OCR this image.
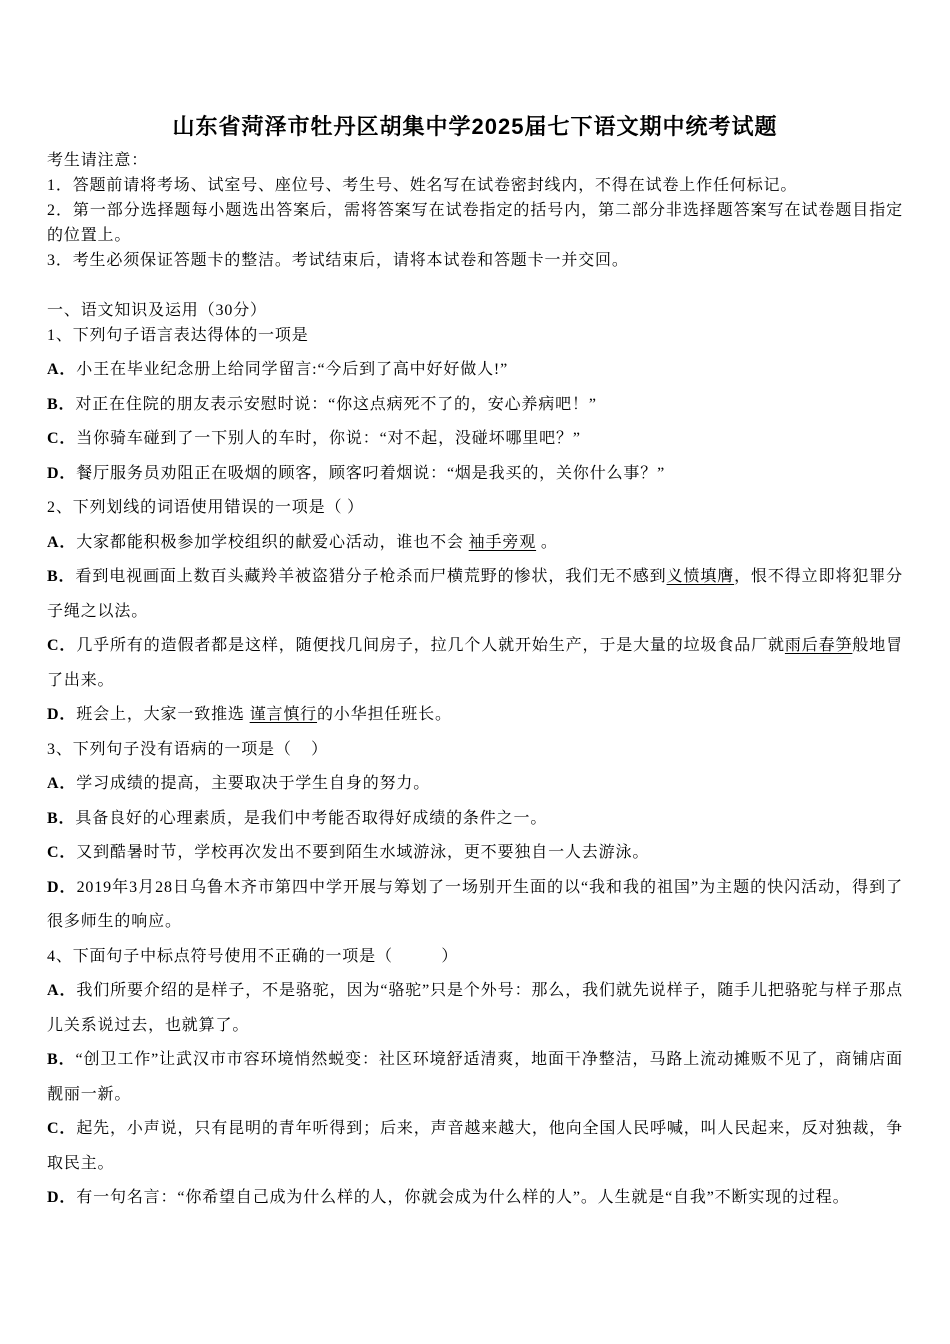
山东省菏泽市牡丹区胡集中学2025届七下语文期中统考试题

考生请注意：

1．答题前请将考场、试室号、座位号、考生号、姓名写在试卷密封线内，不得在试卷上作任何标记。

2．第一部分选择题每小题选出答案后，需将答案写在试卷指定的括号内，第二部分非选择题答案写在试卷题目指定的位置上。

3．考生必须保证答题卡的整洁。考试结束后，请将本试卷和答题卡一并交回。

一、语文知识及运用（30分）

1、下列句子语言表达得体的一项是

A．小王在毕业纪念册上给同学留言:“今后到了高中好好做人!”

B．对正在住院的朋友表示安慰时说：“你这点病死不了的，安心养病吧！”

C．当你骑车碰到了一下别人的车时，你说：“对不起，没碰坏哪里吧？”

D．餐厅服务员劝阻正在吸烟的顾客，顾客叼着烟说：“烟是我买的，关你什么事？”

2、下列划线的词语使用错误的一项是（ ）

A．大家都能积极参加学校组织的献爱心活动，谁也不会 袖手旁观 。

B．看到电视画面上数百头藏羚羊被盗猎分子枪杀而尸横荒野的惨状，我们无不感到义愤填膺，恨不得立即将犯罪分子绳之以法。

C．几乎所有的造假者都是这样，随便找几间房子，拉几个人就开始生产，于是大量的垃圾食品厂就雨后春笋般地冒了出来。

D．班会上，大家一致推选 谨言慎行的小华担任班长。

3、下列句子没有语病的一项是（    ）

A．学习成绩的提高，主要取决于学生自身的努力。

B．具备良好的心理素质，是我们中考能否取得好成绩的条件之一。

C．又到酷暑时节，学校再次发出不要到陌生水域游泳，更不要独自一人去游泳。

D．2019年3月28日乌鲁木齐市第四中学开展与筹划了一场别开生面的以“我和我的祖国”为主题的快闪活动，得到了很多师生的响应。

4、下面句子中标点符号使用不正确的一项是（          ）

A．我们所要介绍的是样子，不是骆驼，因为“骆驼”只是个外号：那么，我们就先说样子，随手儿把骆驼与样子那点儿关系说过去，也就算了。

B．“创卫工作”让武汉市市容环境悄然蜕变：社区环境舒适清爽，地面干净整洁，马路上流动摊贩不见了，商铺店面靓丽一新。

C．起先，小声说，只有昆明的青年听得到；后来，声音越来越大，他向全国人民呼喊，叫人民起来，反对独裁，争取民主。

D．有一句名言：“你希望自己成为什么样的人，你就会成为什么样的人”。人生就是“自我”不断实现的过程。
